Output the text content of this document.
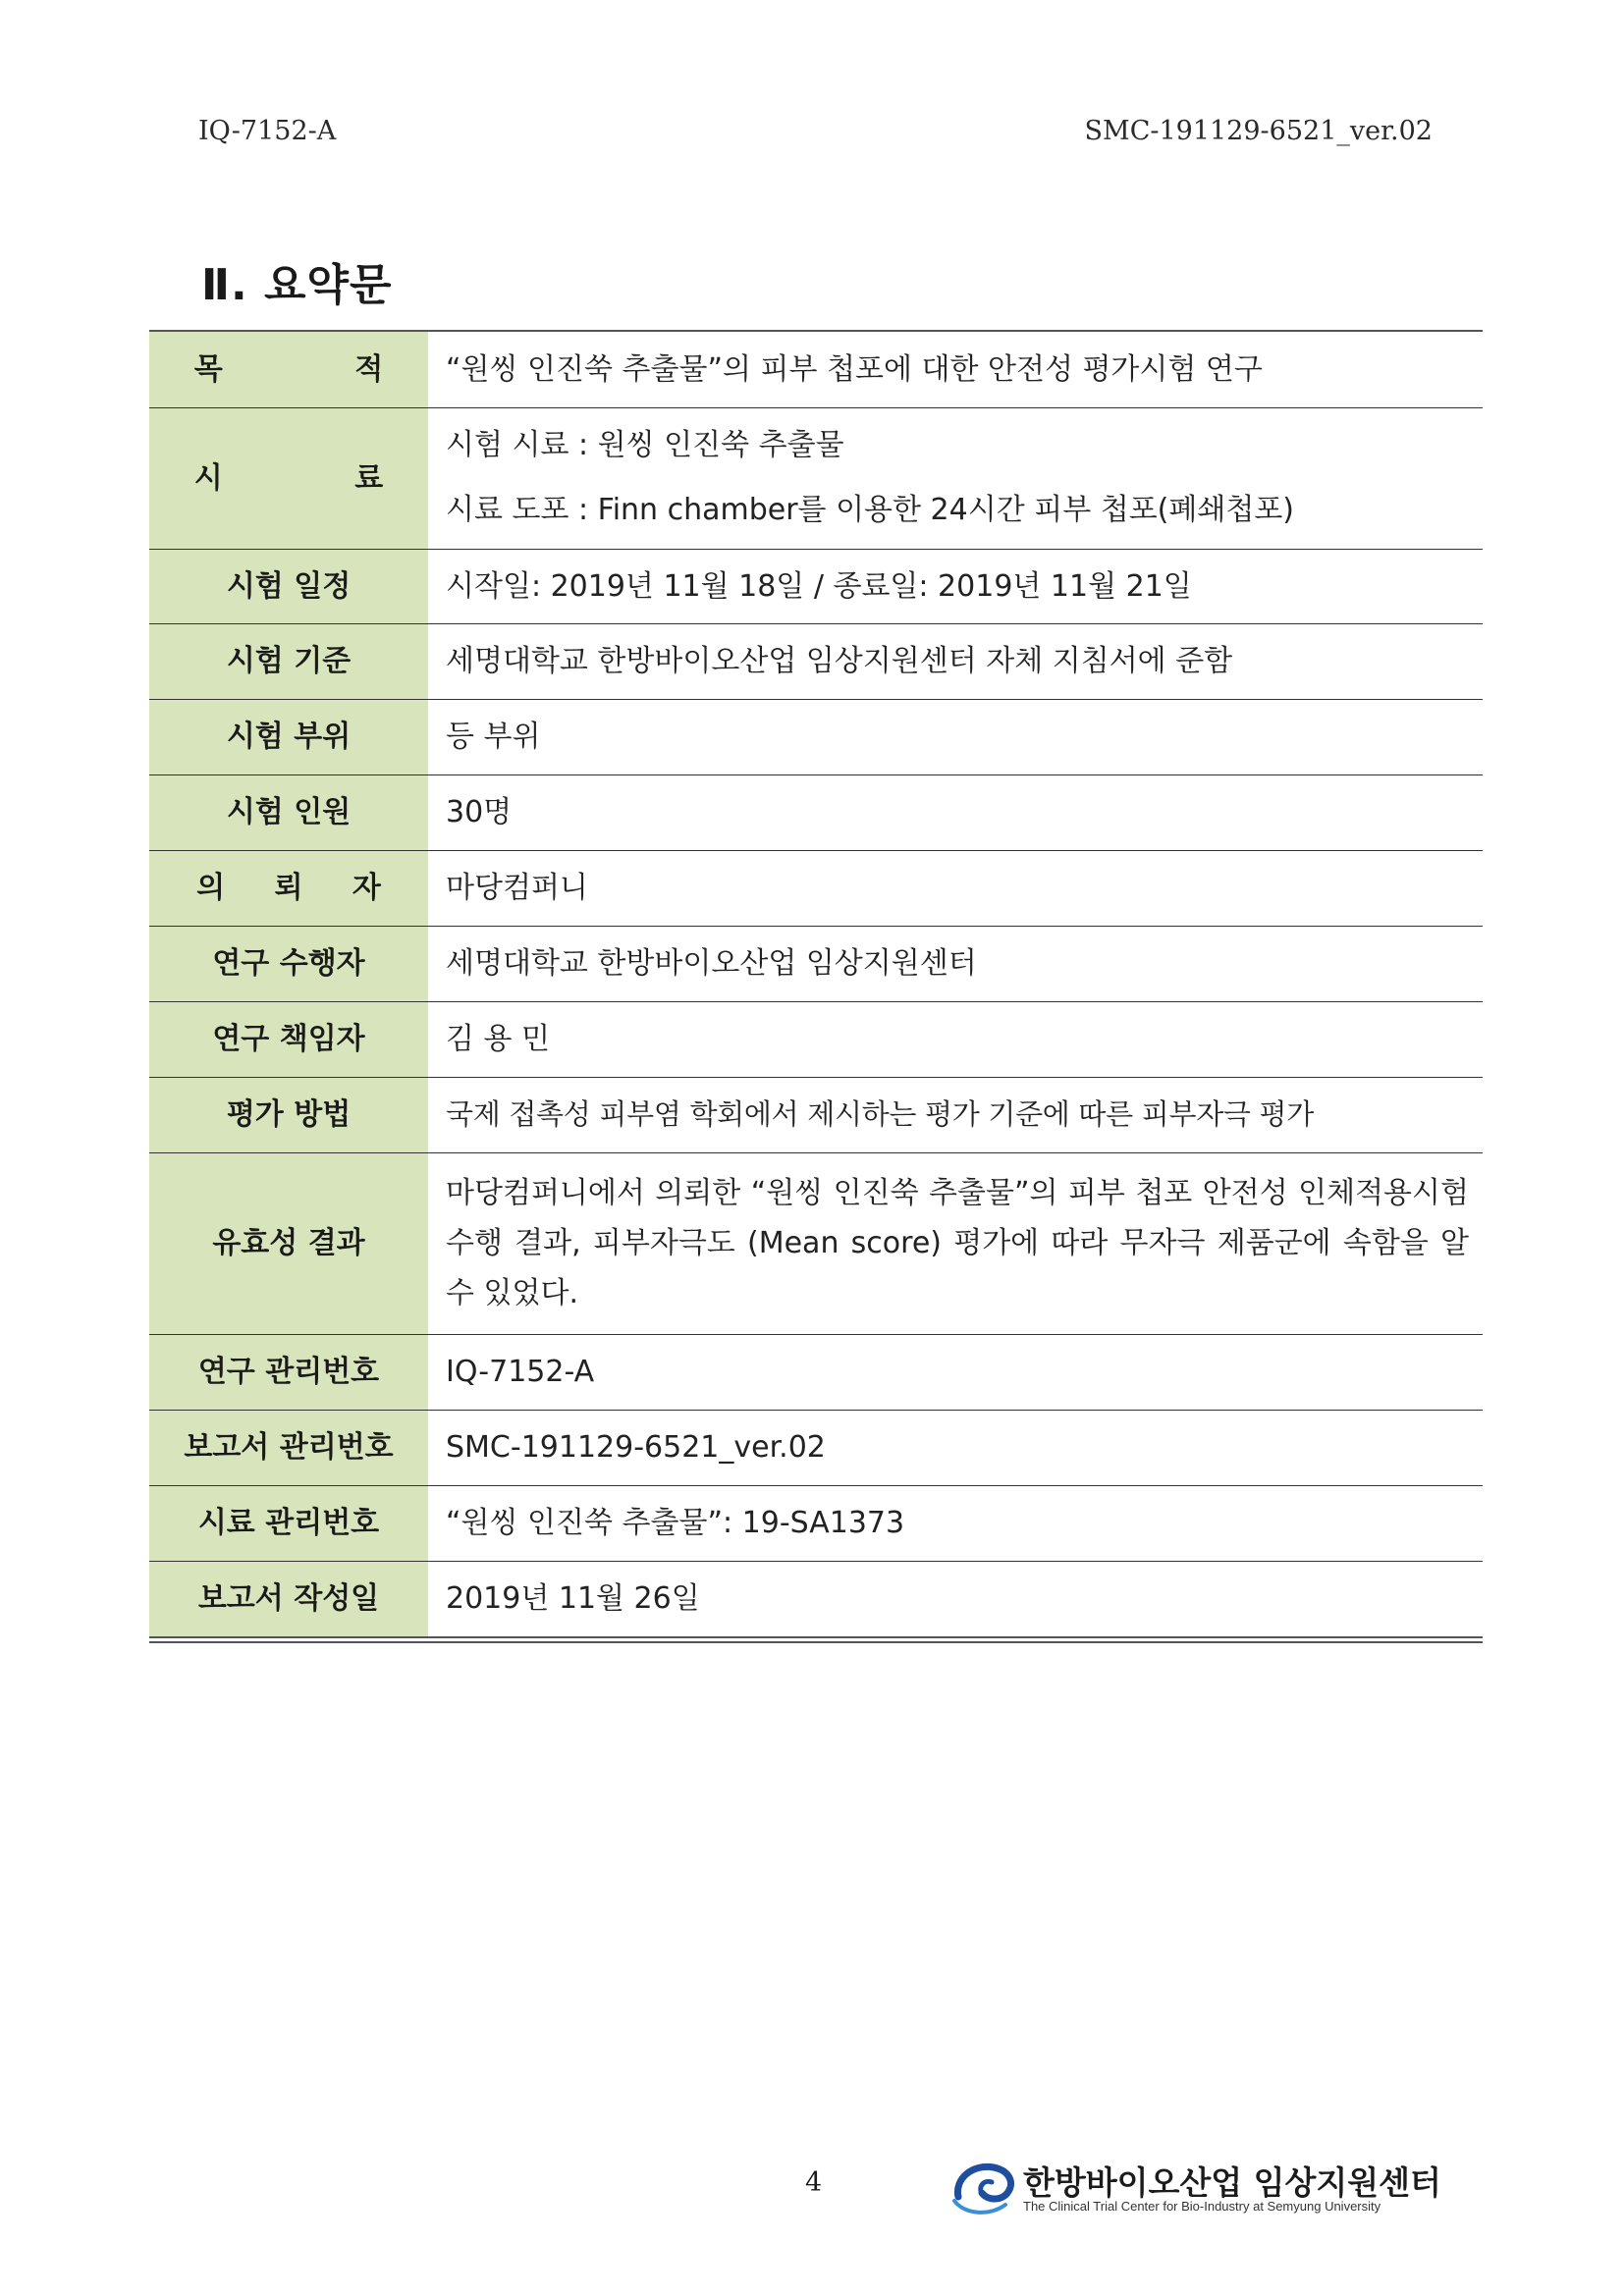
IQ-7152-A	SMC-191129-6521_ver.02
Ⅱ. 요약문
목 적	“원씽 인진쑥 추출물”의 피부 첩포에 대한 안전성 평가시험 연구
시 료	시험 시료 : 원씽 인진쑥 추출물
시료 도포 : Finn chamber를 이용한 24시간 피부 첩포(폐쇄첩포)

시험 일정	시작일: 2019년 11월 18일 / 종료일: 2019년 11월 21일
시험 기준	세명대학교 한방바이오산업 임상지원센터 자체 지침서에 준함
시험 부위	등 부위
시험 인원	30명
의 뢰 자	마당컴퍼니
연구 수행자	세명대학교 한방바이오산업 임상지원센터
연구 책임자	김 용 민
평가 방법	국제 접촉성 피부염 학회에서 제시하는 평가 기준에 따른 피부자극 평가
유효성 결과	마당컴퍼니에서 의뢰한 “원씽 인진쑥 추출물”의 피부 첩포 안전성 인체적용시험 수행 결과, 피부자극도 (Mean score) 평가에 따라 무자극 제품군에 속함을 알 수 있었다.
연구 관리번호	IQ-7152-A
보고서 관리번호	SMC-191129-6521_ver.02
시료 관리번호	“원씽 인진쑥 추출물”: 19-SA1373
보고서 작성일	2019년 11월 26일
4	한방바이오산업 임상지원센터
The Clinical Trial Center for Bio-Industry at Semyung University
